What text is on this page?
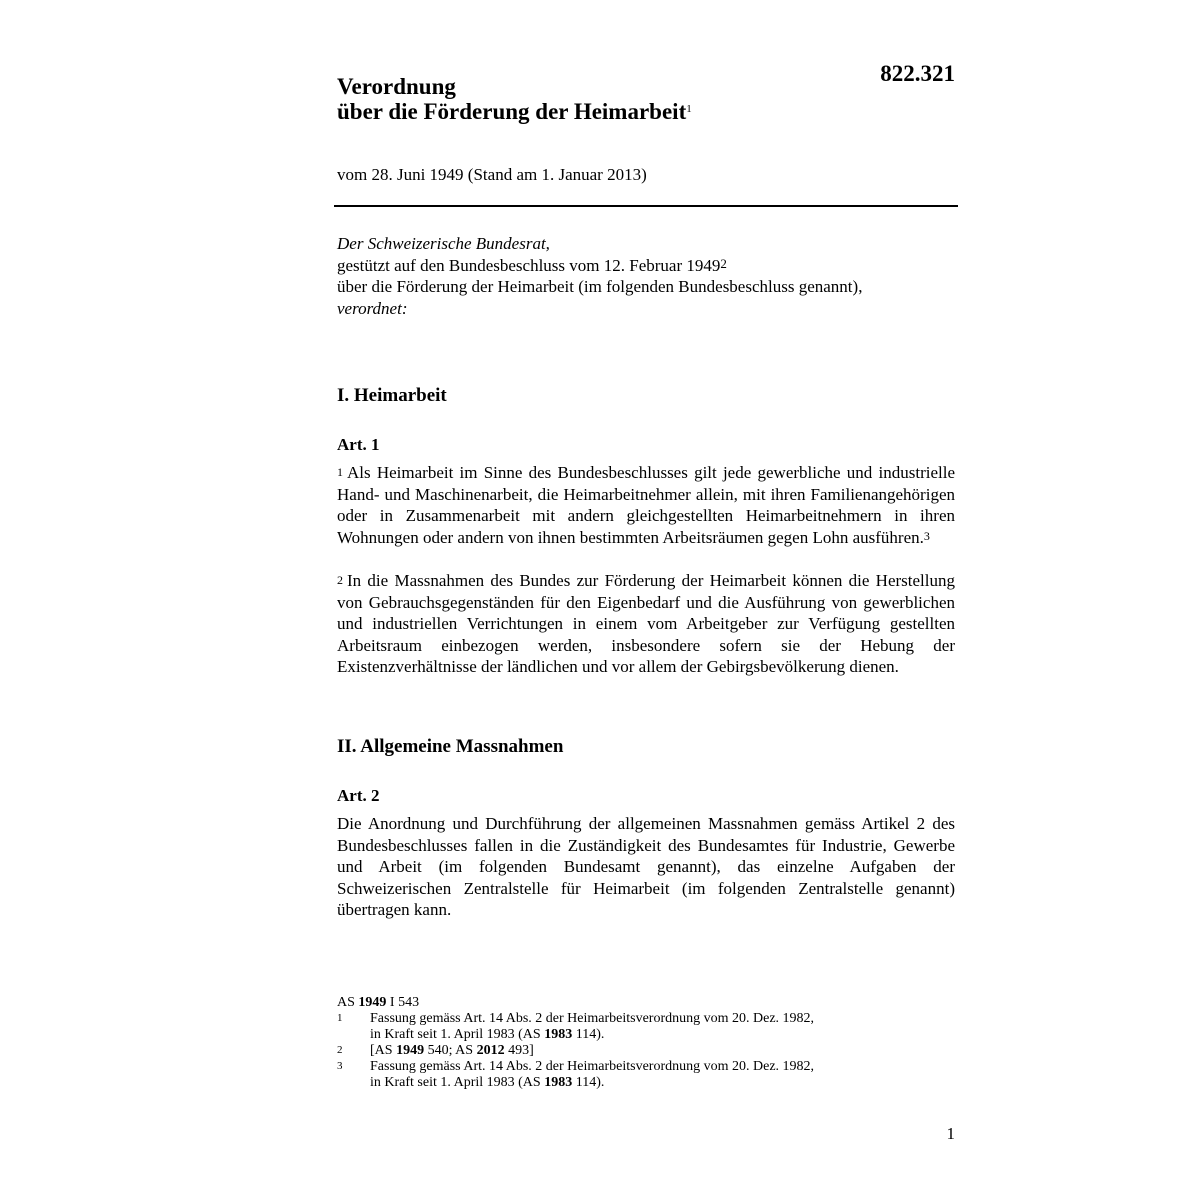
822.321
Verordnung
über die Förderung der Heimarbeit$^1$
vom 28. Juni 1949 (Stand am 1. Januar 2013)

Der Schweizerische Bundesrat,

gestützt auf den Bundesbeschluss vom 12. Februar 1949$^2$

über die Förderung der Heimarbeit (im folgenden Bundesbeschluss genannt),

verordnet:

I. Heimarbeit
Art. 1

$^1$ Als Heimarbeit im Sinne des Bundesbeschlusses gilt jede gewerbliche und industrielle Hand- und Maschinenarbeit, die Heimarbeitnehmer allein, mit ihren Familienangehörigen oder in Zusammenarbeit mit andern gleichgestellten Heimarbeitnehmern in ihren Wohnungen oder andern von ihnen bestimmten Arbeitsräumen gegen Lohn ausführen.$^3$

$^2$ In die Massnahmen des Bundes zur Förderung der Heimarbeit können die Herstellung von Gebrauchsgegenständen für den Eigenbedarf und die Ausführung von gewerblichen und industriellen Verrichtungen in einem vom Arbeitgeber zur Verfügung gestellten Arbeitsraum einbezogen werden, insbesondere sofern sie der Hebung der Existenzverhältnisse der ländlichen und vor allem der Gebirgsbevölkerung dienen.

II. Allgemeine Massnahmen
Art. 2

Die Anordnung und Durchführung der allgemeinen Massnahmen gemäss Artikel 2 des Bundesbeschlusses fallen in die Zuständigkeit des Bundesamtes für Industrie, Gewerbe und Arbeit (im folgenden Bundesamt genannt), das einzelne Aufgaben der Schweizerischen Zentralstelle für Heimarbeit (im folgenden Zentralstelle genannt) übertragen kann.

AS 1949 I 543
1	Fassung gemäss Art. 14 Abs. 2 der Heimarbeitsverordnung vom 20. Dez. 1982,
in Kraft seit 1. April 1983 (AS 1983 114).
2	[AS 1949 540; AS 2012 493]
3	Fassung gemäss Art. 14 Abs. 2 der Heimarbeitsverordnung vom 20. Dez. 1982,
in Kraft seit 1. April 1983 (AS 1983 114).
1
